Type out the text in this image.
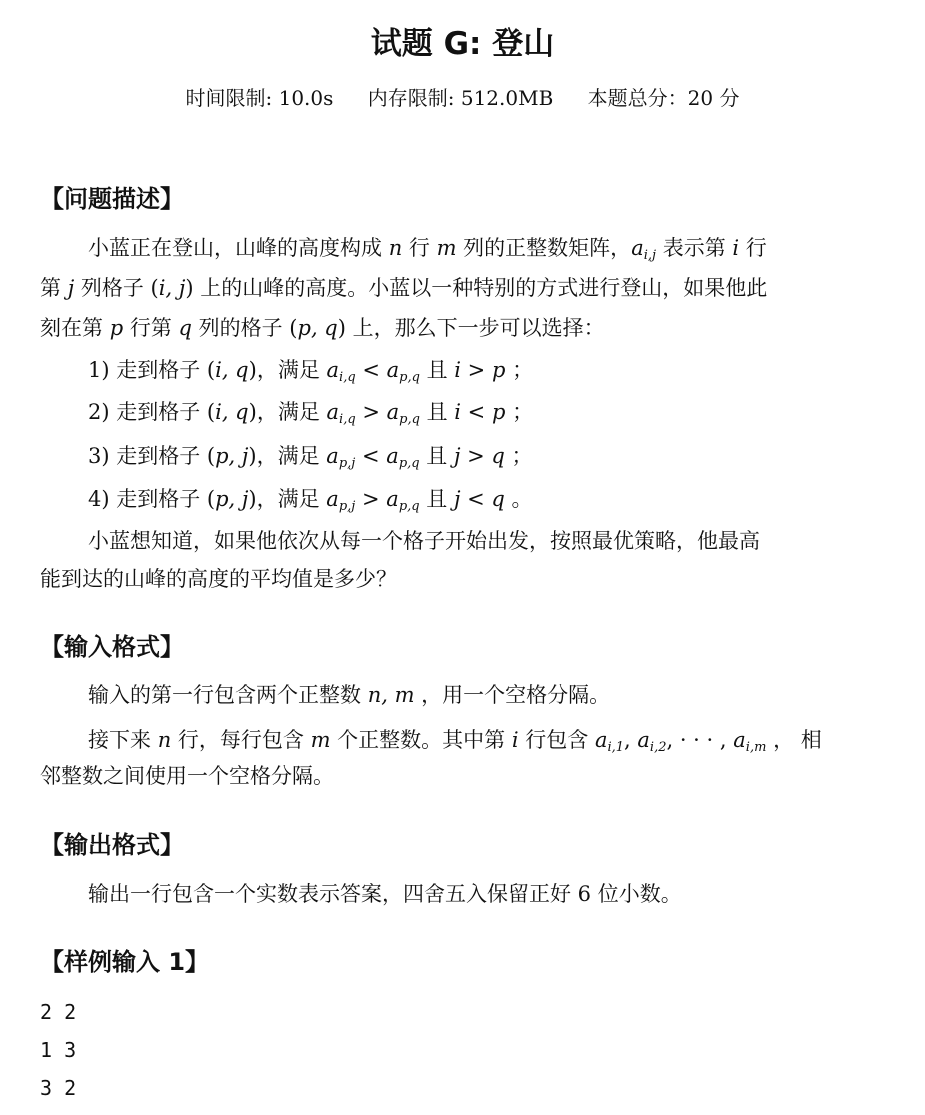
试题 G: 登山
时间限制: 10.0s 内存限制: 512.0MB 本题总分：20 分
【问题描述】
小蓝正在登山，山峰的高度构成 n 行 m 列的正整数矩阵，$a_{i,j}$ 表示第 i 行
第 j 列格子 (i, j) 上的山峰的高度。小蓝以一种特别的方式进行登山，如果他此
刻在第 p 行第 q 列的格子 (p, q) 上，那么下一步可以选择：
1) 走到格子 (i, q)，满足 $a_{i,q} < a_{p,q}$ 且 i > p ；
2) 走到格子 (i, q)，满足 $a_{i,q} > a_{p,q}$ 且 i < p ；
3) 走到格子 (p, j)，满足 $a_{p,j} < a_{p,q}$ 且 j > q ；
4) 走到格子 (p, j)，满足 $a_{p,j} > a_{p,q}$ 且 j < q 。
小蓝想知道，如果他依次从每一个格子开始出发，按照最优策略，他最高
能到达的山峰的高度的平均值是多少？
【输入格式】
输入的第一行包含两个正整数 n, m ，用一个空格分隔。
接下来 n 行，每行包含 m 个正整数。其中第 i 行包含 $a_{i,1}$, $a_{i,2}$, · · · , $a_{i,m}$ ， 相
邻整数之间使用一个空格分隔。
【输出格式】
输出一行包含一个实数表示答案，四舍五入保留正好 6 位小数。
【样例输入 1】
2 2
1 3
3 2
